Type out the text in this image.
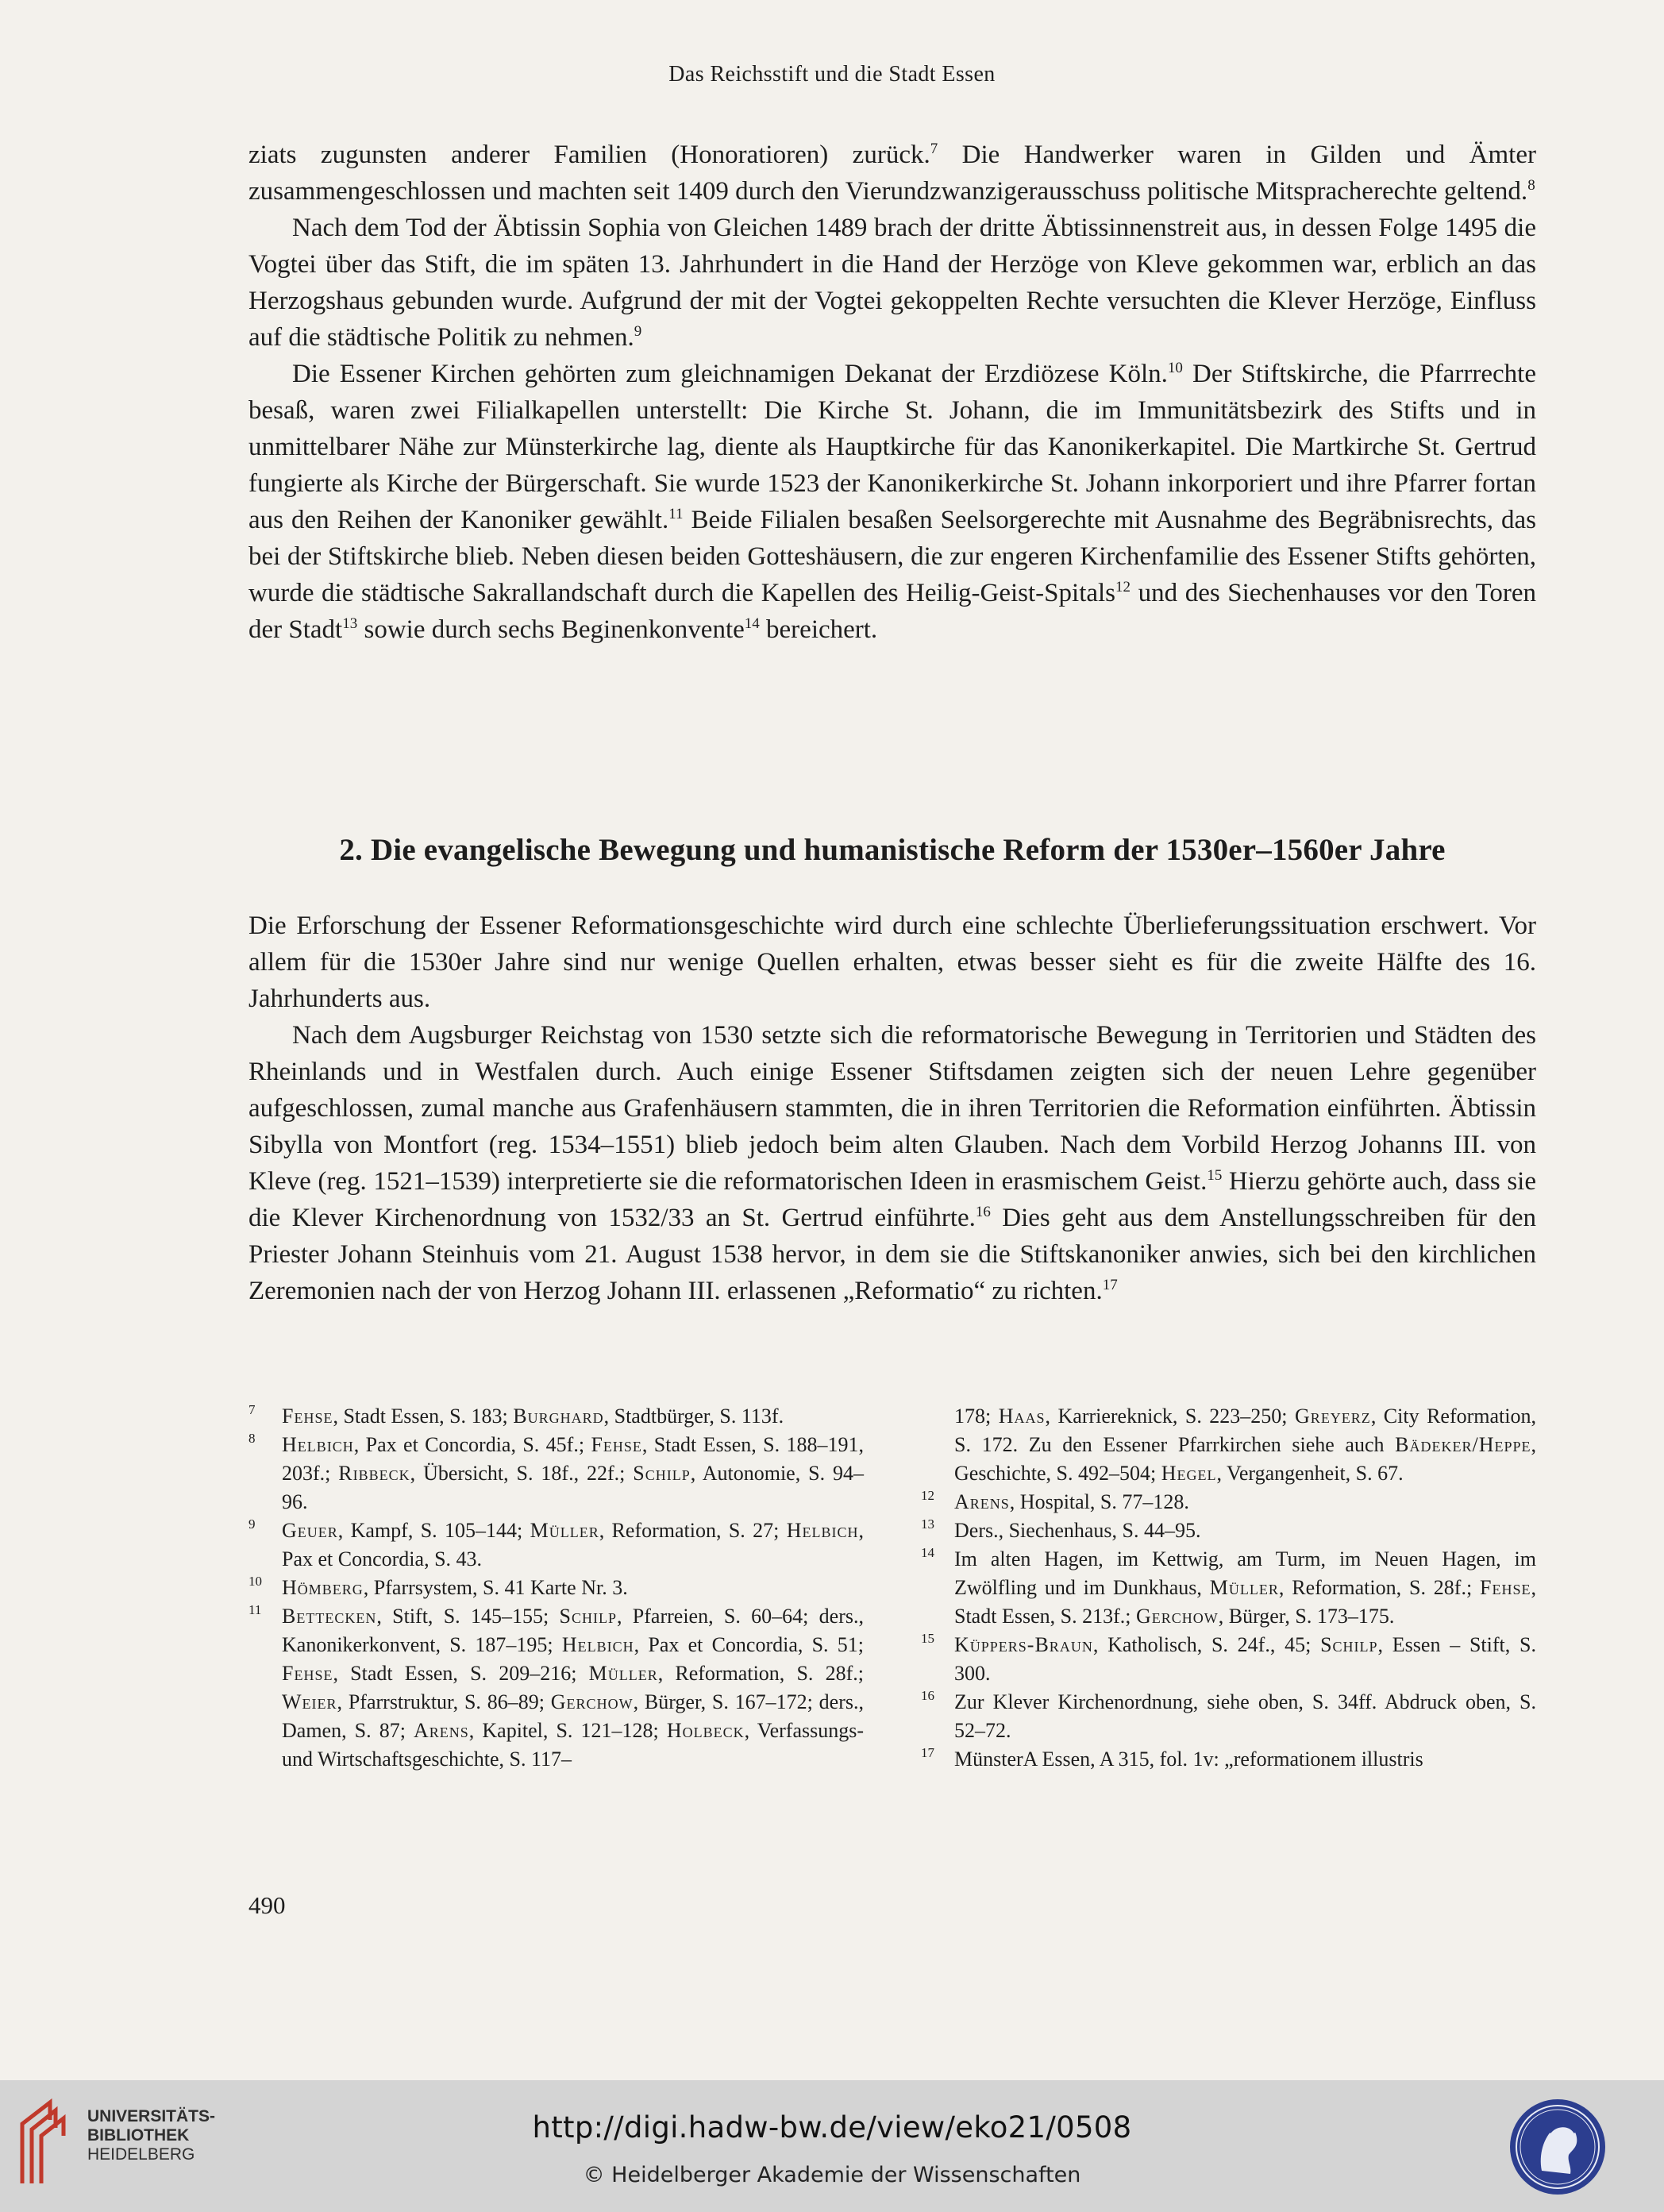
Das Reichsstift und die Stadt Essen

ziats zugunsten anderer Familien (Honoratioren) zurück.$^7$ Die Handwerker waren in Gilden und Ämter zusammengeschlossen und machten seit 1409 durch den Vierundzwanzigerausschuss politische Mitspracherechte geltend.$^8$

Nach dem Tod der Äbtissin Sophia von Gleichen 1489 brach der dritte Äbtissinnenstreit aus, in dessen Folge 1495 die Vogtei über das Stift, die im späten 13. Jahrhundert in die Hand der Herzöge von Kleve gekommen war, erblich an das Herzogshaus gebunden wurde. Aufgrund der mit der Vogtei gekoppelten Rechte versuchten die Klever Herzöge, Einfluss auf die städtische Politik zu nehmen.$^9$

Die Essener Kirchen gehörten zum gleichnamigen Dekanat der Erzdiözese Köln.$^{10}$ Der Stiftskirche, die Pfarrrechte besaß, waren zwei Filialkapellen unterstellt: Die Kirche St. Johann, die im Immunitätsbezirk des Stifts und in unmittelbarer Nähe zur Münsterkirche lag, diente als Hauptkirche für das Kanonikerkapitel. Die Martkirche St. Gertrud fungierte als Kirche der Bürgerschaft. Sie wurde 1523 der Kanonikerkirche St. Johann inkorporiert und ihre Pfarrer fortan aus den Reihen der Kanoniker gewählt.$^{11}$ Beide Filialen besaßen Seelsorgerechte mit Ausnahme des Begräbnisrechts, das bei der Stiftskirche blieb. Neben diesen beiden Gotteshäusern, die zur engeren Kirchenfamilie des Essener Stifts gehörten, wurde die städtische Sakrallandschaft durch die Kapellen des Heilig-Geist-Spitals$^{12}$ und des Siechenhauses vor den Toren der Stadt$^{13}$ sowie durch sechs Beginenkonvente$^{14}$ bereichert.

2. Die evangelische Bewegung und humanistische Reform der 1530er–1560er Jahre

Die Erforschung der Essener Reformationsgeschichte wird durch eine schlechte Überlieferungssituation erschwert. Vor allem für die 1530er Jahre sind nur wenige Quellen erhalten, etwas besser sieht es für die zweite Hälfte des 16. Jahrhunderts aus.

Nach dem Augsburger Reichstag von 1530 setzte sich die reformatorische Bewegung in Territorien und Städten des Rheinlands und in Westfalen durch. Auch einige Essener Stiftsdamen zeigten sich der neuen Lehre gegenüber aufgeschlossen, zumal manche aus Grafenhäusern stammten, die in ihren Territorien die Reformation einführten. Äbtissin Sibylla von Montfort (reg. 1534–1551) blieb jedoch beim alten Glauben. Nach dem Vorbild Herzog Johanns III. von Kleve (reg. 1521–1539) interpretierte sie die reformatorischen Ideen in erasmischem Geist.$^{15}$ Hierzu gehörte auch, dass sie die Klever Kirchenordnung von 1532/33 an St. Gertrud einführte.$^{16}$ Dies geht aus dem Anstellungsschreiben für den Priester Johann Steinhuis vom 21. August 1538 hervor, in dem sie die Stiftskanoniker anwies, sich bei den kirchlichen Zeremonien nach der von Herzog Johann III. erlassenen „Reformatio“ zu richten.$^{17}$

7 Fehse, Stadt Essen, S. 183; Burghard, Stadtbürger, S. 113f.
8 Helbich, Pax et Concordia, S. 45f.; Fehse, Stadt Essen, S. 188–191, 203f.; Ribbeck, Übersicht, S. 18f., 22f.; Schilp, Autonomie, S. 94–96.
9 Geuer, Kampf, S. 105–144; Müller, Reformation, S. 27; Helbich, Pax et Concordia, S. 43.
10 Hömberg, Pfarrsystem, S. 41 Karte Nr. 3.
11 Bettecken, Stift, S. 145–155; Schilp, Pfarreien, S. 60–64; ders., Kanonikerkonvent, S. 187–195; Helbich, Pax et Concordia, S. 51; Fehse, Stadt Essen, S. 209–216; Müller, Reformation, S. 28f.; Weier, Pfarrstruktur, S. 86–89; Gerchow, Bürger, S. 167–172; ders., Damen, S. 87; Arens, Kapitel, S. 121–128; Holbeck, Verfassungs- und Wirtschaftsgeschichte, S. 117–
178; Haas, Karriereknick, S. 223–250; Greyerz, City Reformation, S. 172. Zu den Essener Pfarrkirchen siehe auch Bädeker/Heppe, Geschichte, S. 492–504; Hegel, Vergangenheit, S. 67.
12 Arens, Hospital, S. 77–128.
13 Ders., Siechenhaus, S. 44–95.
14 Im alten Hagen, im Kettwig, am Turm, im Neuen Hagen, im Zwölfling und im Dunkhaus, Müller, Reformation, S. 28f.; Fehse, Stadt Essen, S. 213f.; Gerchow, Bürger, S. 173–175.
15 Küppers-Braun, Katholisch, S. 24f., 45; Schilp, Essen – Stift, S. 300.
16 Zur Klever Kirchenordnung, siehe oben, S. 34ff. Abdruck oben, S. 52–72.
17 MünsterA Essen, A 315, fol. 1v: „reformationem illustris
490
UNIVERSITÄTS-
BIBLIOTHEK
HEIDELBERG
http://digi.hadw-bw.de/view/eko21/0508
© Heidelberger Akademie der Wissenschaften
